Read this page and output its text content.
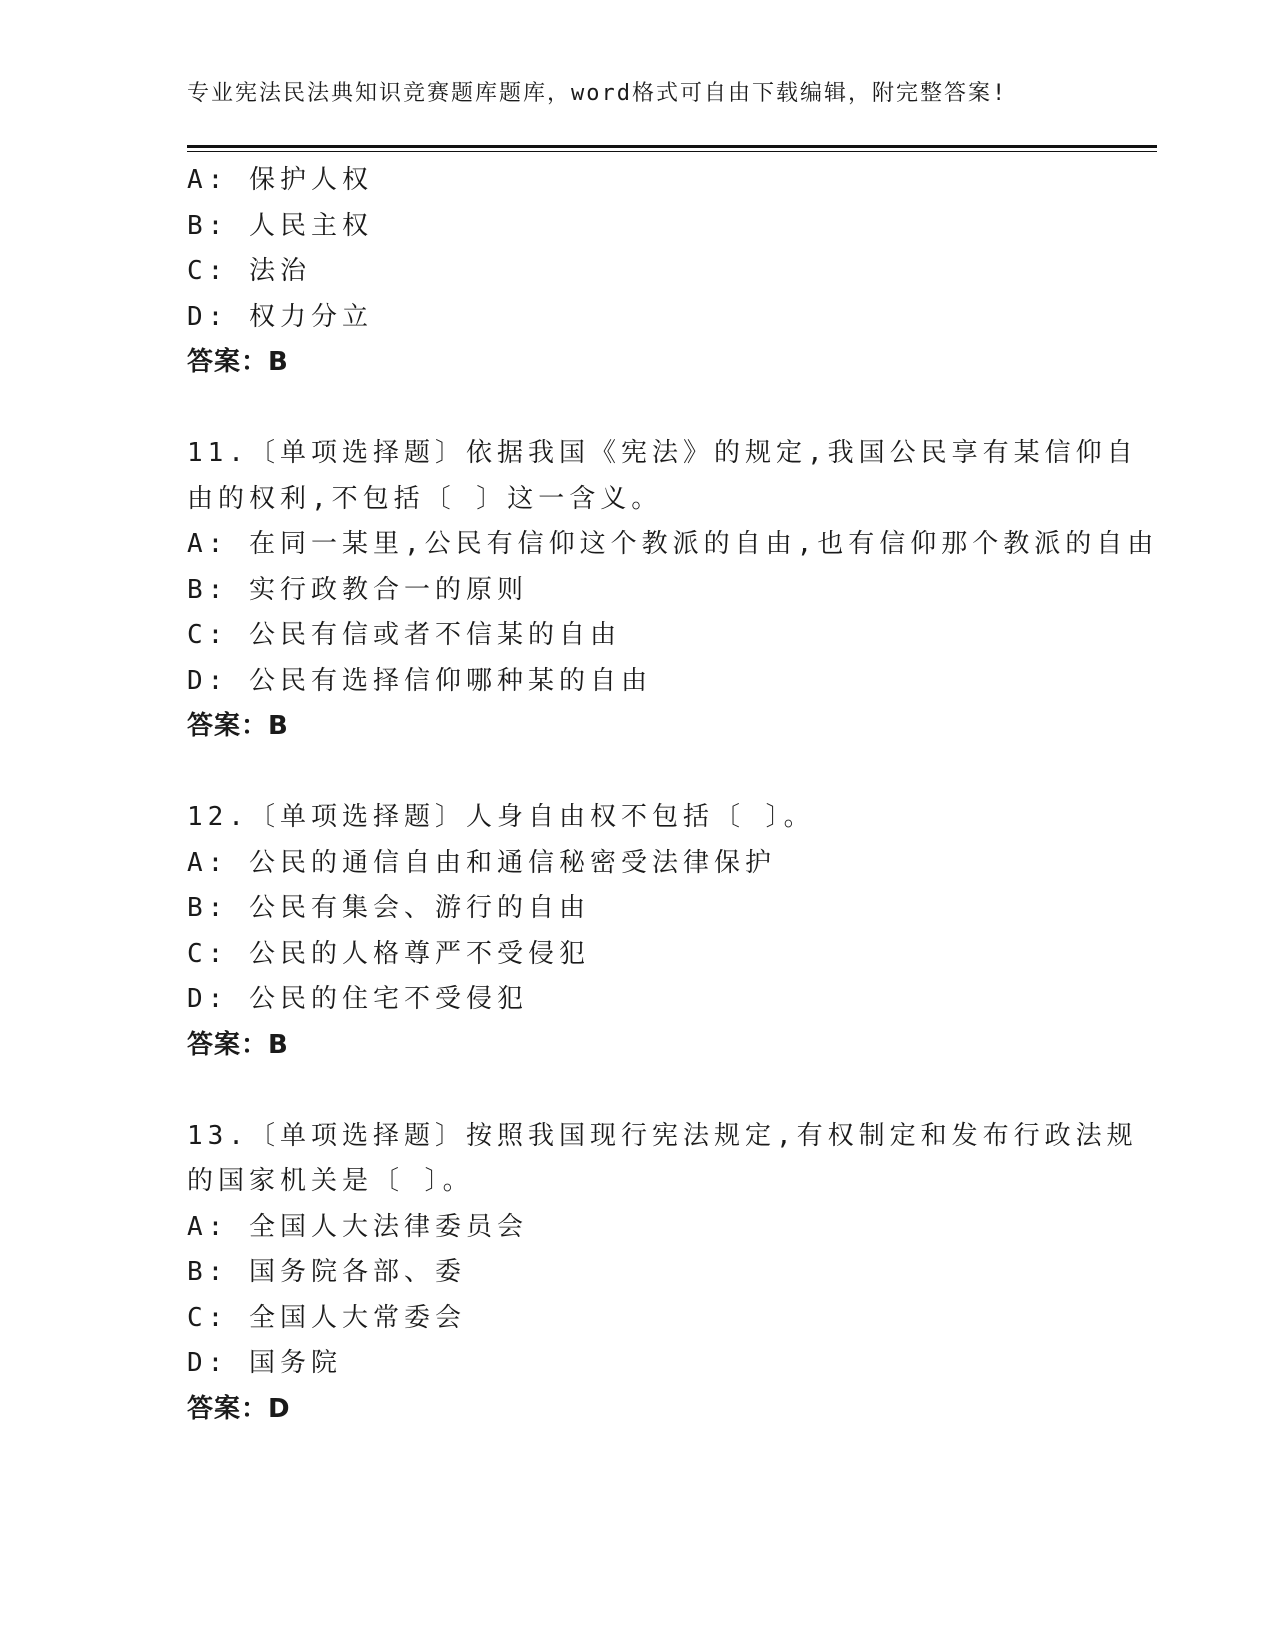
专业宪法民法典知识竞赛题库题库，word格式可自由下载编辑，附完整答案!
A: 保护人权
B: 人民主权
C: 法治
D: 权力分立
答案：B
11.〔单项选择题〕依据我国《宪法》的规定,我国公民享有某信仰自
由的权利,不包括〔 〕这一含义。
A: 在同一某里,公民有信仰这个教派的自由,也有信仰那个教派的自由
B: 实行政教合一的原则
C: 公民有信或者不信某的自由
D: 公民有选择信仰哪种某的自由
答案：B
12.〔单项选择题〕人身自由权不包括〔 〕。
A: 公民的通信自由和通信秘密受法律保护
B: 公民有集会、游行的自由
C: 公民的人格尊严不受侵犯
D: 公民的住宅不受侵犯
答案：B
13.〔单项选择题〕按照我国现行宪法规定,有权制定和发布行政法规
的国家机关是〔 〕。
A: 全国人大法律委员会
B: 国务院各部、委
C: 全国人大常委会
D: 国务院
答案：D
